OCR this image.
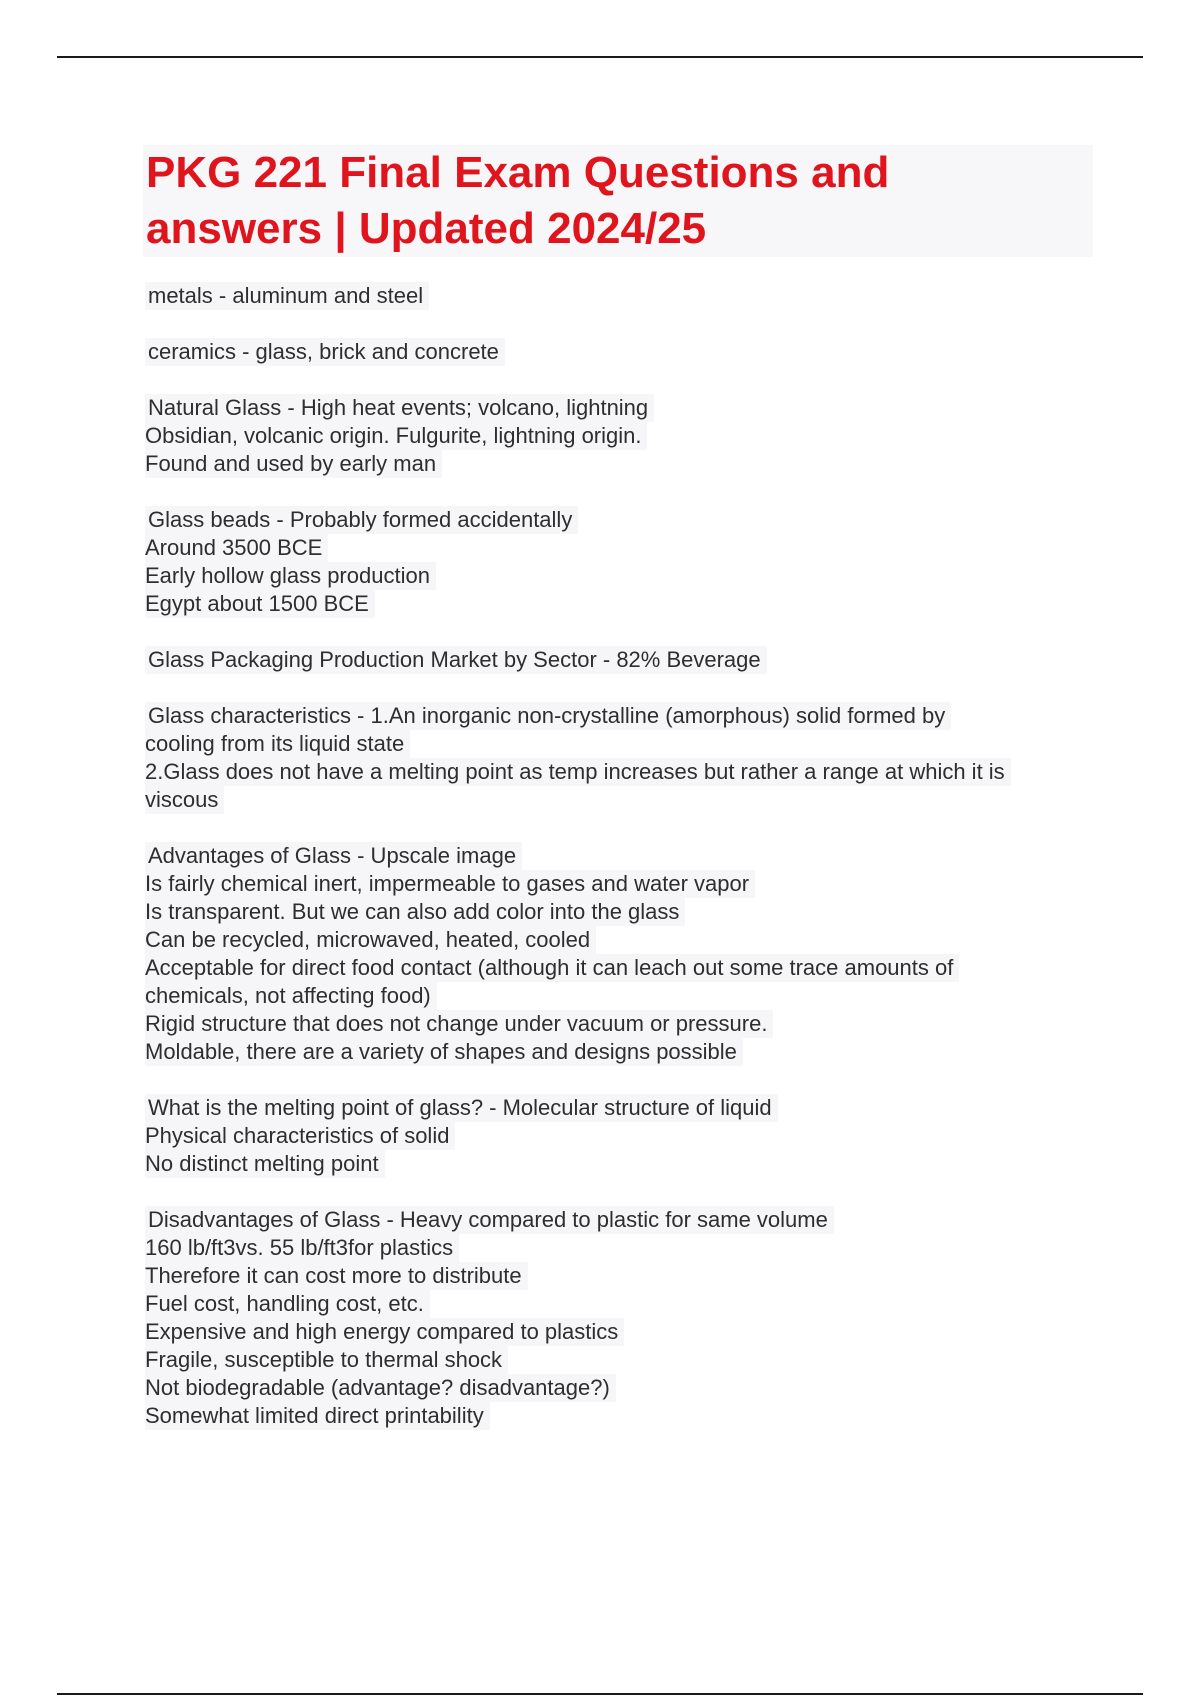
PKG 221 Final Exam Questions and
answers | Updated 2024/25
metals - aluminum and steel
ceramics - glass, brick and concrete
Natural Glass - High heat events; volcano, lightning
Obsidian, volcanic origin. Fulgurite, lightning origin.
Found and used by early man
Glass beads - Probably formed accidentally
Around 3500 BCE
Early hollow glass production
Egypt about 1500 BCE
Glass Packaging Production Market by Sector - 82% Beverage
Glass characteristics - 1.An inorganic non-crystalline (amorphous) solid formed by
cooling from its liquid state
2.Glass does not have a melting point as temp increases but rather a range at which it is
viscous
Advantages of Glass - Upscale image
Is fairly chemical inert, impermeable to gases and water vapor
Is transparent. But we can also add color into the glass
Can be recycled, microwaved, heated, cooled
Acceptable for direct food contact (although it can leach out some trace amounts of
chemicals, not affecting food)
Rigid structure that does not change under vacuum or pressure.
Moldable, there are a variety of shapes and designs possible
What is the melting point of glass? - Molecular structure of liquid
Physical characteristics of solid
No distinct melting point
Disadvantages of Glass - Heavy compared to plastic for same volume
160 lb/ft3vs. 55 lb/ft3for plastics
Therefore it can cost more to distribute
Fuel cost, handling cost, etc.
Expensive and high energy compared to plastics
Fragile, susceptible to thermal shock
Not biodegradable (advantage? disadvantage?)
Somewhat limited direct printability
